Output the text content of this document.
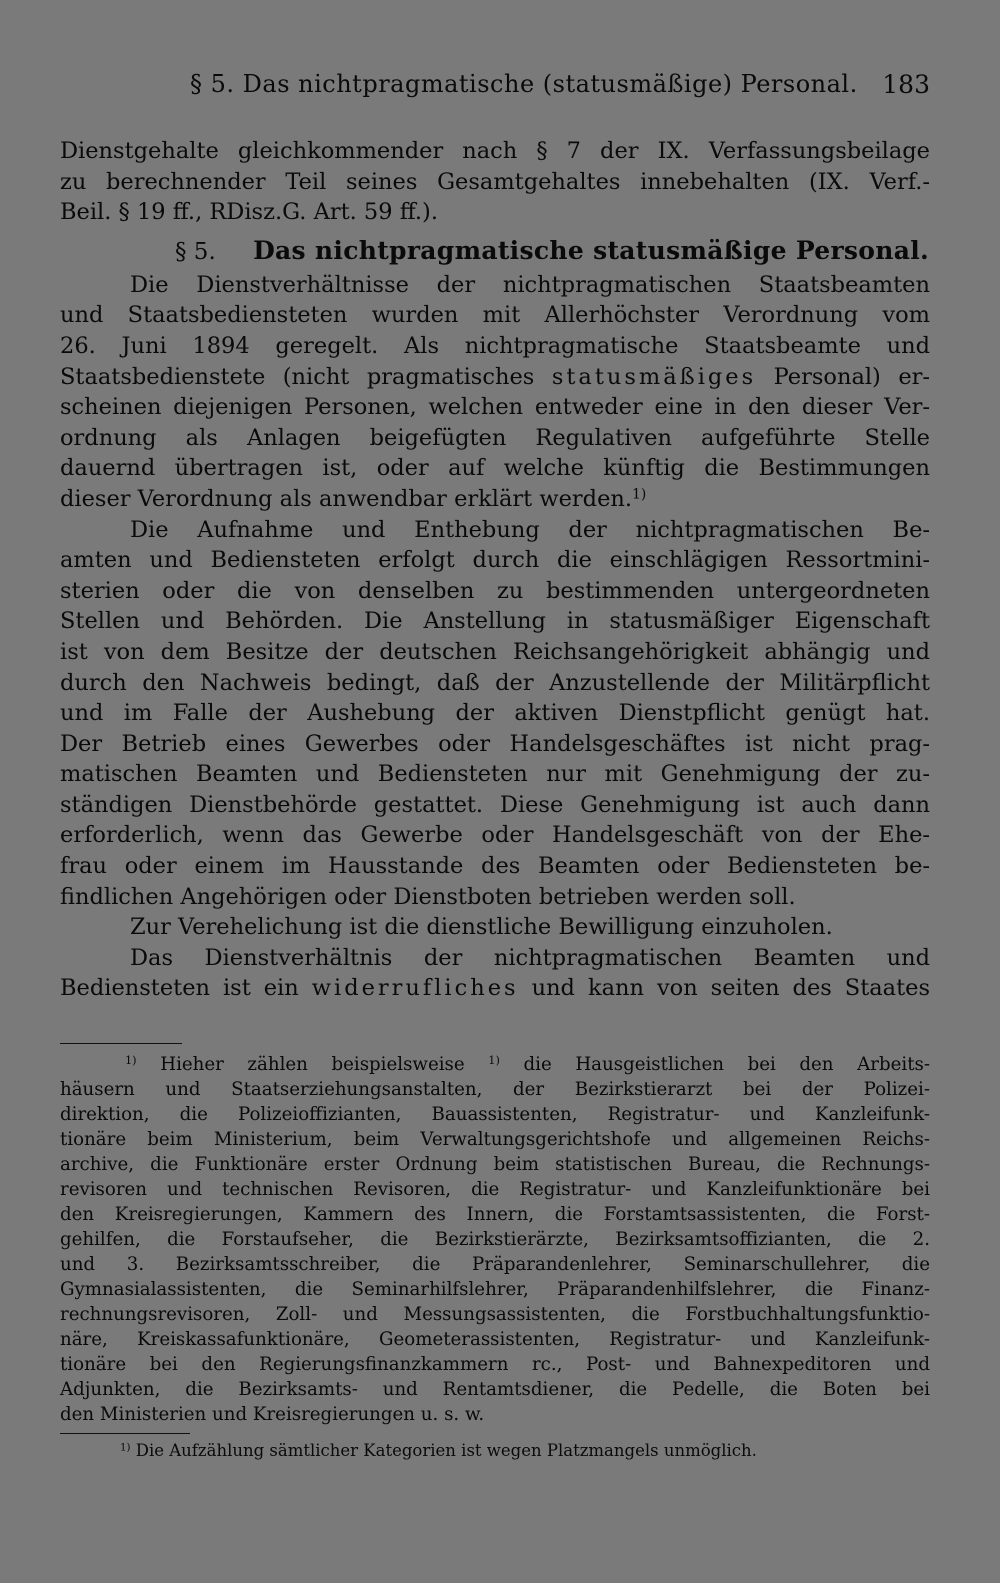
§ 5. Das nichtpragmatische (statusmäßige) Personal. 183
Dienstgehalte gleichkommender nach § 7 der IX. Verfassungsbeilage
zu berechnender Teil seines Gesamtgehaltes innebehalten (IX. Verf.-
Beil. § 19 ff., RDisz.G. Art. 59 ff.).
§ 5. Das nichtpragmatische statusmäßige Personal.
Die Dienstverhältnisse der nichtpragmatischen Staatsbeamten
und Staatsbediensteten wurden mit Allerhöchster Verordnung vom
26. Juni 1894 geregelt. Als nichtpragmatische Staatsbeamte und
Staatsbedienstete (nicht pragmatisches statusmäßiges Personal) er-
scheinen diejenigen Personen, welchen entweder eine in den dieser Ver-
ordnung als Anlagen beigefügten Regulativen aufgeführte Stelle
dauernd übertragen ist, oder auf welche künftig die Bestimmungen
dieser Verordnung als anwendbar erklärt werden.$^{1)}$
Die Aufnahme und Enthebung der nichtpragmatischen Be-
amten und Bediensteten erfolgt durch die einschlägigen Ressortmini-
sterien oder die von denselben zu bestimmenden untergeordneten
Stellen und Behörden. Die Anstellung in statusmäßiger Eigenschaft
ist von dem Besitze der deutschen Reichsangehörigkeit abhängig und
durch den Nachweis bedingt, daß der Anzustellende der Militärpflicht
und im Falle der Aushebung der aktiven Dienstpflicht genügt hat.
Der Betrieb eines Gewerbes oder Handelsgeschäftes ist nicht prag-
matischen Beamten und Bediensteten nur mit Genehmigung der zu-
ständigen Dienstbehörde gestattet. Diese Genehmigung ist auch dann
erforderlich, wenn das Gewerbe oder Handelsgeschäft von der Ehe-
frau oder einem im Hausstande des Beamten oder Bediensteten be-
findlichen Angehörigen oder Dienstboten betrieben werden soll.
Zur Verehelichung ist die dienstliche Bewilligung einzuholen.
Das Dienstverhältnis der nichtpragmatischen Beamten und
Bediensteten ist ein widerrufliches und kann von seiten des Staates
$^{1)}$ Hieher zählen beispielsweise $^{1)}$ die Hausgeistlichen bei den Arbeits-
häusern und Staatserziehungsanstalten, der Bezirkstierarzt bei der Polizei-
direktion, die Polizeioffizianten, Bauassistenten, Registratur- und Kanzleifunk-
tionäre beim Ministerium, beim Verwaltungsgerichtshofe und allgemeinen Reichs-
archive, die Funktionäre erster Ordnung beim statistischen Bureau, die Rechnungs-
revisoren und technischen Revisoren, die Registratur- und Kanzleifunktionäre bei
den Kreisregierungen, Kammern des Innern, die Forstamtsassistenten, die Forst-
gehilfen, die Forstaufseher, die Bezirkstierärzte, Bezirksamtsoffizianten, die 2.
und 3. Bezirksamtsschreiber, die Präparandenlehrer, Seminarschullehrer, die
Gymnasialassistenten, die Seminarhilfslehrer, Präparandenhilfslehrer, die Finanz-
rechnungsrevisoren, Zoll- und Messungsassistenten, die Forstbuchhaltungsfunktio-
näre, Kreiskassafunktionäre, Geometerassistenten, Registratur- und Kanzleifunk-
tionäre bei den Regierungsfinanzkammern rc., Post- und Bahnexpeditoren und
Adjunkten, die Bezirksamts- und Rentamtsdiener, die Pedelle, die Boten bei
den Ministerien und Kreisregierungen u. s. w.
$^{1)}$ Die Aufzählung sämtlicher Kategorien ist wegen Platzmangels unmöglich.
